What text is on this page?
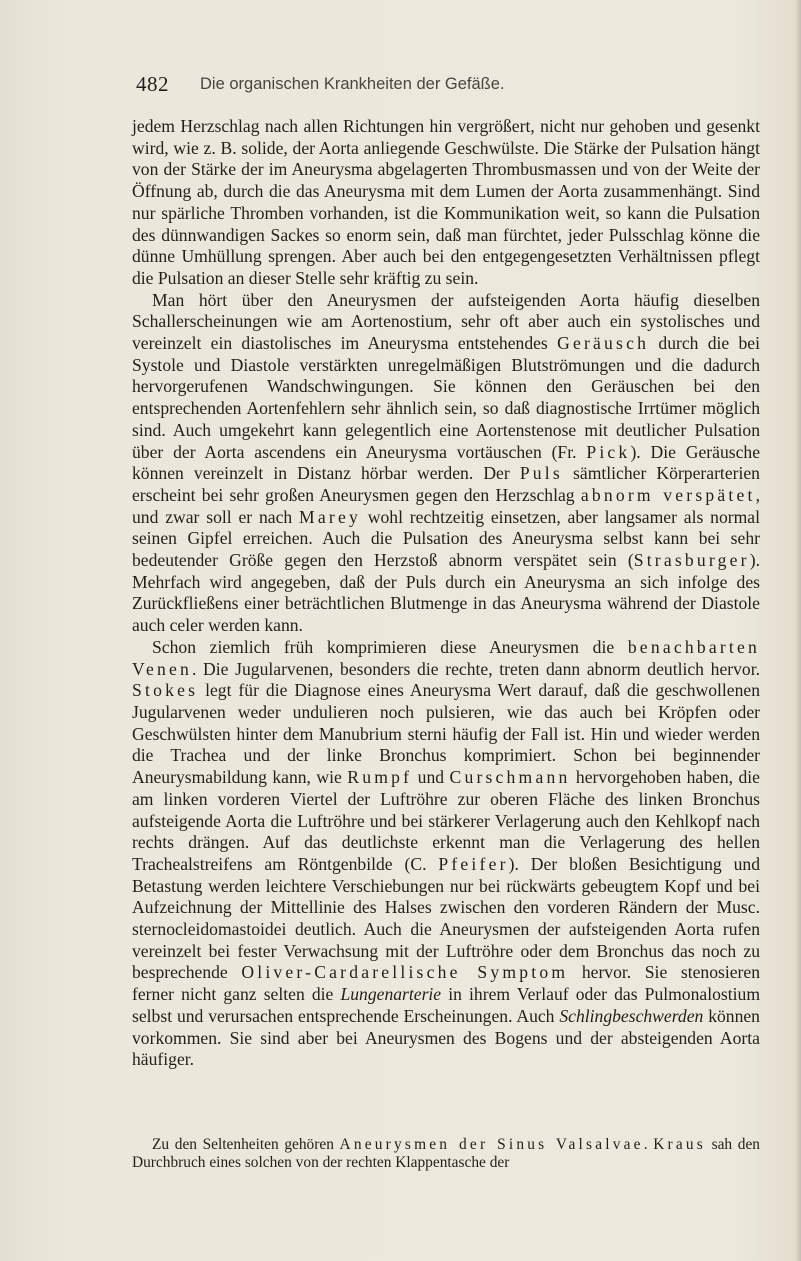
482 Die organischen Krankheiten der Gefäße.

jedem Herzschlag nach allen Richtungen hin vergrößert, nicht nur gehoben und gesenkt wird, wie z. B. solide, der Aorta anliegende Geschwülste. Die Stärke der Pulsation hängt von der Stärke der im Aneurysma abgelagerten Thrombusmassen und von der Weite der Öffnung ab, durch die das Aneurysma mit dem Lumen der Aorta zusammenhängt. Sind nur spärliche Thromben vorhanden, ist die Kommunikation weit, so kann die Pulsation des dünnwandigen Sackes so enorm sein, daß man fürchtet, jeder Pulsschlag könne die dünne Umhüllung sprengen. Aber auch bei den entgegengesetzten Verhältnissen pflegt die Pulsation an dieser Stelle sehr kräftig zu sein.

Man hört über den Aneurysmen der aufsteigenden Aorta häufig dieselben Schallerscheinungen wie am Aortenostium, sehr oft aber auch ein systolisches und vereinzelt ein diastolisches im Aneurysma entstehendes Geräusch durch die bei Systole und Diastole verstärkten unregelmäßigen Blutströmungen und die dadurch hervorgerufenen Wandschwingungen. Sie können den Geräuschen bei den entsprechenden Aortenfehlern sehr ähnlich sein, so daß diagnostische Irrtümer möglich sind. Auch umgekehrt kann gelegentlich eine Aortenstenose mit deutlicher Pulsation über der Aorta ascendens ein Aneurysma vortäuschen (Fr. Pick). Die Geräusche können vereinzelt in Distanz hörbar werden. Der Puls sämtlicher Körperarterien erscheint bei sehr großen Aneurysmen gegen den Herzschlag abnorm verspätet, und zwar soll er nach Marey wohl rechtzeitig einsetzen, aber langsamer als normal seinen Gipfel erreichen. Auch die Pulsation des Aneurysma selbst kann bei sehr bedeutender Größe gegen den Herzstoß abnorm verspätet sein (Strasburger). Mehrfach wird angegeben, daß der Puls durch ein Aneurysma an sich infolge des Zurückfließens einer beträchtlichen Blutmenge in das Aneurysma während der Diastole auch celer werden kann.

Schon ziemlich früh komprimieren diese Aneurysmen die benachbarten Venen. Die Jugularvenen, besonders die rechte, treten dann abnorm deutlich hervor. Stokes legt für die Diagnose eines Aneurysma Wert darauf, daß die geschwollenen Jugularvenen weder undulieren noch pulsieren, wie das auch bei Kröpfen oder Geschwülsten hinter dem Manubrium sterni häufig der Fall ist. Hin und wieder werden die Trachea und der linke Bronchus komprimiert. Schon bei beginnender Aneurysmabildung kann, wie Rumpf und Curschmann hervorgehoben haben, die am linken vorderen Viertel der Luftröhre zur oberen Fläche des linken Bronchus aufsteigende Aorta die Luftröhre und bei stärkerer Verlagerung auch den Kehlkopf nach rechts drängen. Auf das deutlichste erkennt man die Verlagerung des hellen Trachealstreifens am Röntgenbilde (C. Pfeifer). Der bloßen Besichtigung und Betastung werden leichtere Verschiebungen nur bei rückwärts gebeugtem Kopf und bei Aufzeichnung der Mittellinie des Halses zwischen den vorderen Rändern der Musc. sternocleidomastoidei deutlich. Auch die Aneurysmen der aufsteigenden Aorta rufen vereinzelt bei fester Verwachsung mit der Luftröhre oder dem Bronchus das noch zu besprechende Oliver-Cardarellische Symptom hervor. Sie stenosieren ferner nicht ganz selten die Lungenarterie in ihrem Verlauf oder das Pulmonalostium selbst und verursachen entsprechende Erscheinungen. Auch Schlingbeschwerden können vorkommen. Sie sind aber bei Aneurysmen des Bogens und der absteigenden Aorta häufiger.

Zu den Seltenheiten gehören Aneurysmen der Sinus Valsalvae. Kraus sah den Durchbruch eines solchen von der rechten Klappentasche der
